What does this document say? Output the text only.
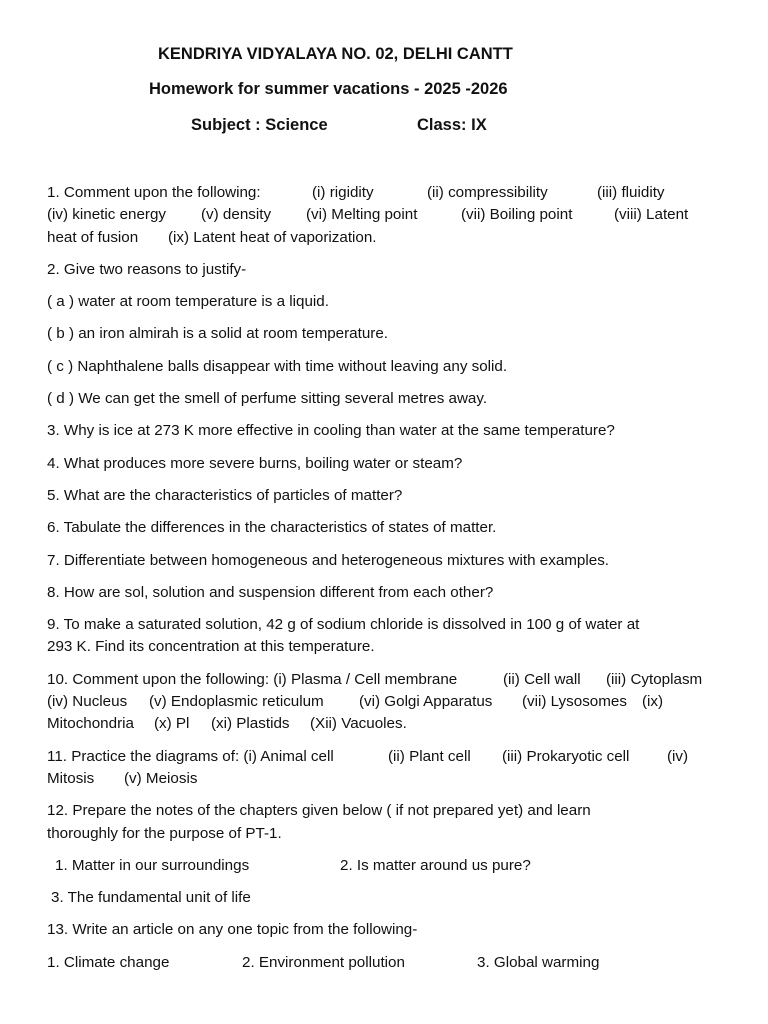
KENDRIYA VIDYALAYA NO. 02, DELHI CANTT
Homework for summer vacations - 2025 -2026
Subject : Science	Class: IX

1. Comment upon the following:	(i) rigidity	(ii) compressibility	(iii) fluidity
(iv) kinetic energy	(v) density	(vi) Melting point	(vii) Boiling point	(viii) Latent
heat of fusion	(ix) Latent heat of vaporization.

2. Give two reasons to justify-

( a ) water at room temperature is a liquid.

( b ) an iron almirah is a solid at room temperature.

( c ) Naphthalene balls disappear with time without leaving any solid.

( d ) We can get the smell of perfume sitting several metres away.

3. Why is ice at 273 K more effective in cooling than water at the same temperature?

4. What produces more severe burns, boiling water or steam?

5. What are the characteristics of particles of matter?

6. Tabulate the differences in the characteristics of states of matter.

7. Differentiate between homogeneous and heterogeneous mixtures with examples.

8. How are sol, solution and suspension different from each other?

9. To make a saturated solution, 42 g of sodium chloride is dissolved in 100 g of water at
293 K. Find its concentration at this temperature.

10. Comment upon the following: (i) Plasma / Cell membrane	(ii) Cell wall	(iii) Cytoplasm
(iv) Nucleus	(v) Endoplasmic reticulum	(vi) Golgi Apparatus	(vii) Lysosomes (ix)
Mitochondria	(x) Pl	(xi) Plastids	(Xii) Vacuoles.

11. Practice the diagrams of: (i) Animal cell	(ii) Plant cell	(iii) Prokaryotic cell	(iv)
Mitosis	(v) Meiosis

12. Prepare the notes of the chapters given below ( if not prepared yet) and learn
thoroughly for the purpose of PT-1.

1. Matter in our surroundings	2. Is matter around us pure?

3. The fundamental unit of life

13. Write an article on any one topic from the following-

1. Climate change	2. Environment pollution	3. Global warming
